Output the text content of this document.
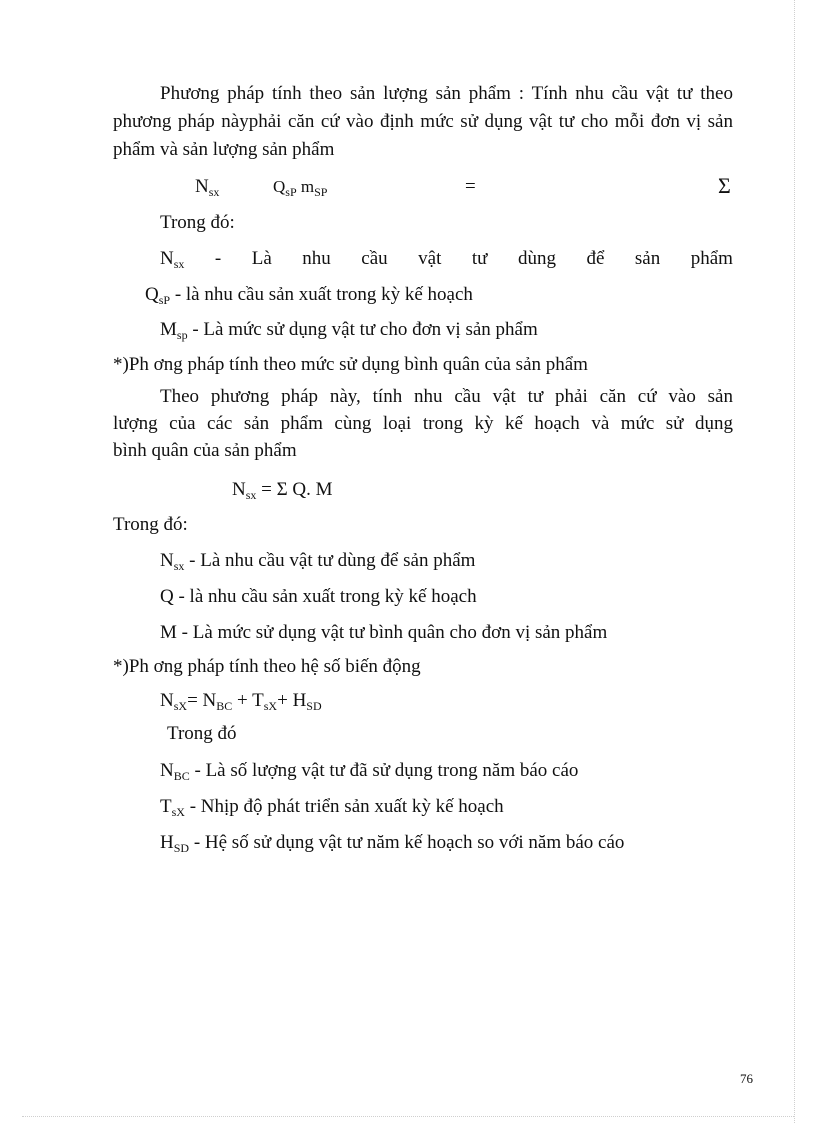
Phương pháp tính theo sản lượng sản phẩm : Tính nhu cầu vật tư theo
phương pháp nàyphải căn cứ vào định mức sử dụng vật tư cho mỗi đơn vị sản
phẩm và sản lượng sản phẩm
$N_{sx}$	$Q_{sP}$ $m_{SP}$	=	Σ
Trong đó:
$N_{sx}$ - Là nhu cầu vật tư dùng để sản phẩm
$Q_{sP}$ - là nhu cầu sản xuất trong kỳ kế hoạch
$M_{sp}$ - Là mức sử dụng vật tư cho đơn vị sản phẩm
*)Ph ơng pháp tính theo mức sử dụng bình quân của sản phẩm
Theo phương pháp này, tính nhu cầu vật tư phải căn cứ vào sản
lượng của các sản phẩm cùng loại trong kỳ kế hoạch và mức sử dụng
bình quân của sản phẩm
$N_{sx} = \Sigma$ Q. M
Trong đó:
$N_{sx}$ - Là nhu cầu vật tư dùng để sản phẩm
Q - là nhu cầu sản xuất trong kỳ kế hoạch
M - Là mức sử dụng vật tư bình quân cho đơn vị sản phẩm
*)Ph ơng pháp tính theo hệ số biến động
$N_{sX}= N_{BC} + T_{sX}+ H_{SD}$
Trong đó
$N_{BC}$ - Là số lượng vật tư đã sử dụng trong năm báo cáo
$T_{sX}$ - Nhịp độ phát triển sản xuất kỳ kế hoạch
$H_{SD}$ - Hệ số sử dụng vật tư năm kế hoạch so với năm báo cáo
76
